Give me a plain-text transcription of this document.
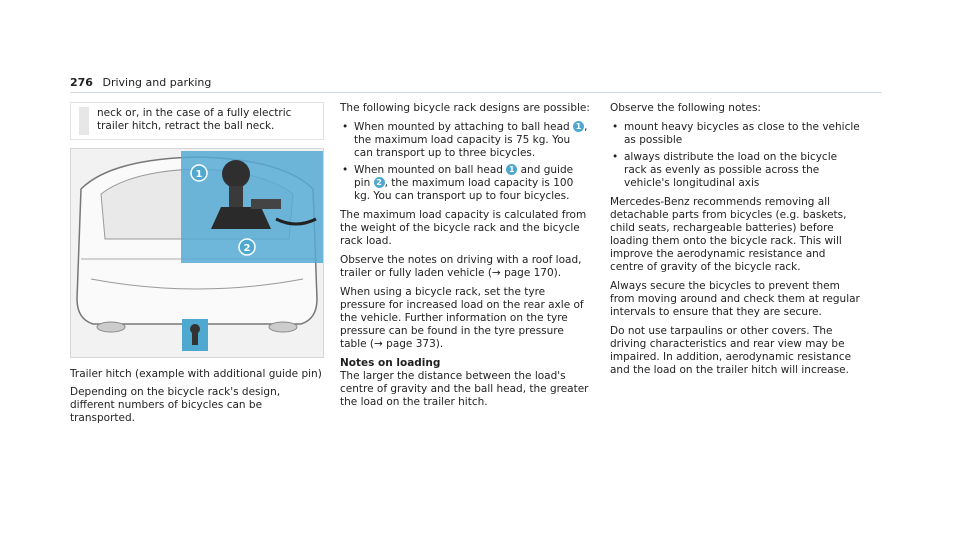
276 Driving and parking
neck or, in the case of a fully electric trailer hitch, retract the ball neck.
1
2
Trailer hitch (example with additional guide pin)

Depending on the bicycle rack's design, different numbers of bicycles can be transported.

The following bicycle rack designs are possible:

• When mounted by attaching to ball head 1 , the maximum load capacity is 75 kg. You can transport up to three bicycles.
• When mounted on ball head 1 and guide pin 2 , the maximum load capacity is 100 kg. You can transport up to four bicycles.

The maximum load capacity is calculated from the weight of the bicycle rack and the bicycle rack load.

Observe the notes on driving with a roof load, trailer or fully laden vehicle (→ page 170).

When using a bicycle rack, set the tyre pressure for increased load on the rear axle of the vehicle. Further information on the tyre pressure can be found in the tyre pressure table (→ page 373).

Notes on loading

The larger the distance between the load's centre of gravity and the ball head, the greater the load on the trailer hitch.

Observe the following notes:

• mount heavy bicycles as close to the vehicle as possible
• always distribute the load on the bicycle rack as evenly as possible across the vehicle's longitudinal axis

Mercedes-Benz recommends removing all detachable parts from bicycles (e.g. baskets, child seats, rechargeable batteries) before loading them onto the bicycle rack. This will improve the aerodynamic resistance and centre of gravity of the bicycle rack.

Always secure the bicycles to prevent them from moving around and check them at regular intervals to ensure that they are secure.

Do not use tarpaulins or other covers. The driving characteristics and rear view may be impaired. In addition, aerodynamic resistance and the load on the trailer hitch will increase.
